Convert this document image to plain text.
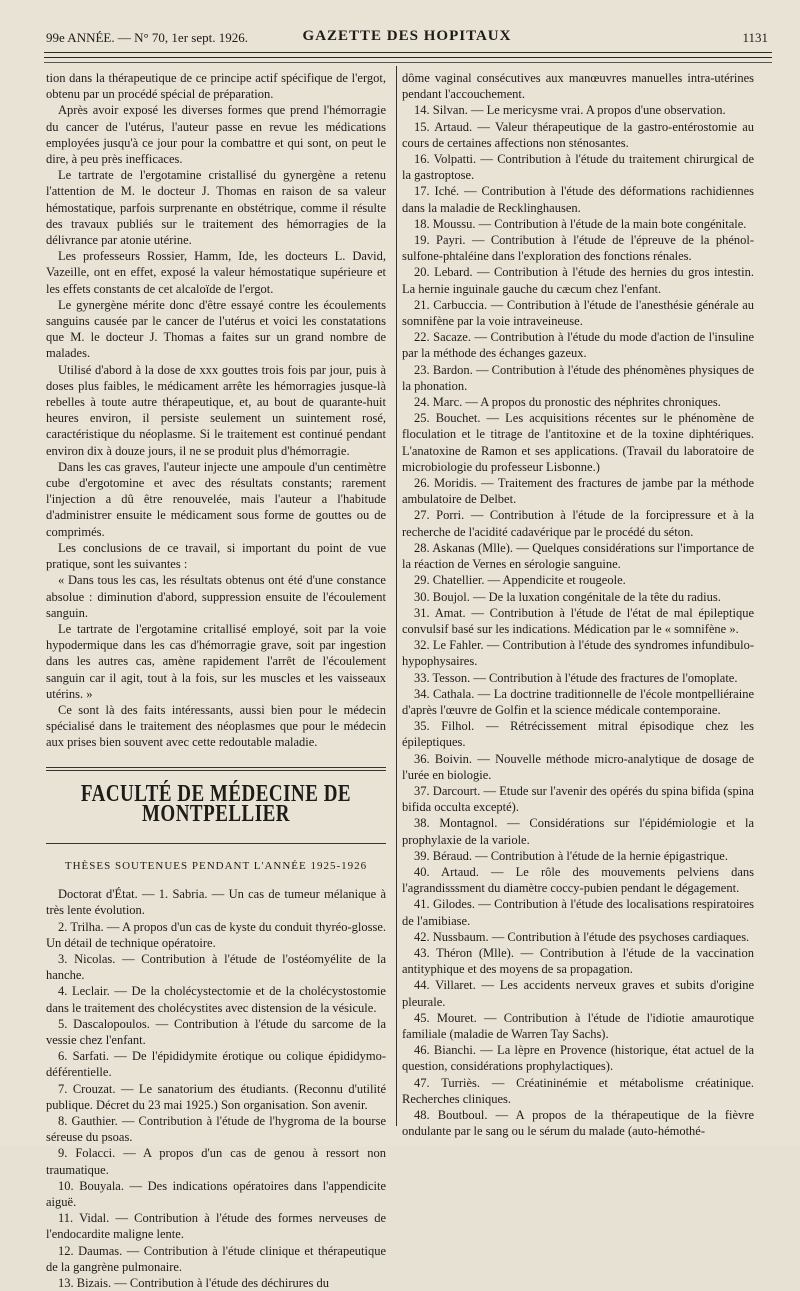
99e ANNÉE. — N° 70, 1er sept. 1926.	GAZETTE DES HOPITAUX	1131

tion dans la thérapeutique de ce principe actif spécifique de l'ergot, obtenu par un procédé spécial de préparation.

Après avoir exposé les diverses formes que prend l'hémorragie du cancer de l'utérus, l'auteur passe en revue les médications employées jusqu'à ce jour pour la combattre et qui sont, on peut le dire, à peu près inefficaces.

Le tartrate de l'ergotamine cristallisé du gynergène a retenu l'attention de M. le docteur J. Thomas en raison de sa valeur hémostatique, parfois surprenante en obstétrique, comme il résulte des travaux publiés sur le traitement des hémorragies de la délivrance par atonie utérine.

Les professeurs Rossier, Hamm, Ide, les docteurs L. David, Vazeille, ont en effet, exposé la valeur hémostatique supérieure et les effets constants de cet alcaloïde de l'ergot.

Le gynergène mérite donc d'être essayé contre les écoulements sanguins causée par le cancer de l'utérus et voici les constatations que M. le docteur J. Thomas a faites sur un grand nombre de malades.

Utilisé d'abord à la dose de xxx gouttes trois fois par jour, puis à doses plus faibles, le médicament arrête les hémorragies jusque-là rebelles à toute autre thérapeutique, et, au bout de quarante-huit heures environ, il persiste seulement un suintement rosé, caractéristique du néoplasme. Si le traitement est continué pendant environ dix à douze jours, il ne se produit plus d'hémorragie.

Dans les cas graves, l'auteur injecte une ampoule d'un centimètre cube d'ergotomine et avec des résultats constants; rarement l'injection a dû être renouvelée, mais l'auteur a l'habitude d'administrer ensuite le médicament sous forme de gouttes ou de comprimés.

Les conclusions de ce travail, si important du point de vue pratique, sont les suivantes :

« Dans tous les cas, les résultats obtenus ont été d'une constance absolue : diminution d'abord, suppression ensuite de l'écoulement sanguin.

Le tartrate de l'ergotamine critallisé employé, soit par la voie hypodermique dans les cas d'hémorragie grave, soit par ingestion dans les autres cas, amène rapidement l'arrêt de l'écoulement sanguin car il agit, tout à la fois, sur les muscles et les vaisseaux utérins. »

Ce sont là des faits intéressants, aussi bien pour le médecin spécialisé dans le traitement des néoplasmes que pour le médecin aux prises bien souvent avec cette redoutable maladie.

FACULTÉ DE MÉDECINE DE MONTPELLIER
THÈSES SOUTENUES PENDANT L'ANNÉE 1925-1926

Doctorat d'État. — 1. Sabria. — Un cas de tumeur mélanique à très lente évolution.

2. Trilha. — A propos d'un cas de kyste du conduit thyréo-glosse. Un détail de technique opératoire.

3. Nicolas. — Contribution à l'étude de l'ostéomyélite de la hanche.

4. Leclair. — De la cholécystectomie et de la cholécystostomie dans le traitement des cholécystites avec distension de la vésicule.

5. Dascalopoulos. — Contribution à l'étude du sarcome de la vessie chez l'enfant.

6. Sarfati. — De l'épididymite érotique ou colique épididymo-déférentielle.

7. Crouzat. — Le sanatorium des étudiants. (Reconnu d'utilité publique. Décret du 23 mai 1925.) Son organisation. Son avenir.

8. Gauthier. — Contribution à l'étude de l'hygroma de la bourse séreuse du psoas.

9. Folacci. — A propos d'un cas de genou à ressort non traumatique.

10. Bouyala. — Des indications opératoires dans l'appendicite aiguë.

11. Vidal. — Contribution à l'étude des formes nerveuses de l'endocardite maligne lente.

12. Daumas. — Contribution à l'étude clinique et thérapeutique de la gangrène pulmonaire.

13. Bizais. — Contribution à l'étude des déchirures du

dôme vaginal consécutives aux manœuvres manuelles intra-utérines pendant l'accouchement.

14. Silvan. — Le mericysme vrai. A propos d'une observation.

15. Artaud. — Valeur thérapeutique de la gastro-entérostomie au cours de certaines affections non sténosantes.

16. Volpatti. — Contribution à l'étude du traitement chirurgical de la gastroptose.

17. Iché. — Contribution à l'étude des déformations rachidiennes dans la maladie de Recklinghausen.

18. Moussu. — Contribution à l'étude de la main bote congénitale.

19. Payri. — Contribution à l'étude de l'épreuve de la phénol-sulfone-phtaléine dans l'exploration des fonctions rénales.

20. Lebard. — Contribution à l'étude des hernies du gros intestin. La hernie inguinale gauche du cæcum chez l'enfant.

21. Carbuccia. — Contribution à l'étude de l'anesthésie générale au somnifène par la voie intraveineuse.

22. Sacaze. — Contribution à l'étude du mode d'action de l'insuline par la méthode des échanges gazeux.

23. Bardon. — Contribution à l'étude des phénomènes physiques de la phonation.

24. Marc. — A propos du pronostic des néphrites chroniques.

25. Bouchet. — Les acquisitions récentes sur le phénomène de floculation et le titrage de l'antitoxine et de la toxine diphtériques. L'anatoxine de Ramon et ses applications. (Travail du laboratoire de microbiologie du professeur Lisbonne.)

26. Moridis. — Traitement des fractures de jambe par la méthode ambulatoire de Delbet.

27. Porri. — Contribution à l'étude de la forcipressure et à la recherche de l'acidité cadavérique par le procédé du séton.

28. Askanas (Mlle). — Quelques considérations sur l'importance de la réaction de Vernes en sérologie sanguine.

29. Chatellier. — Appendicite et rougeole.

30. Boujol. — De la luxation congénitale de la tête du radius.

31. Amat. — Contribution à l'étude de l'état de mal épileptique convulsif basé sur les indications. Médication par le « somnifène ».

32. Le Fahler. — Contribution à l'étude des syndromes infundibulo-hypophysaires.

33. Tesson. — Contribution à l'étude des fractures de l'omoplate.

34. Cathala. — La doctrine traditionnelle de l'école montpelliéraine d'après l'œuvre de Golfin et la science médicale contemporaine.

35. Filhol. — Rétrécissement mitral épisodique chez les épileptiques.

36. Boivin. — Nouvelle méthode micro-analytique de dosage de l'urée en biologie.

37. Darcourt. — Etude sur l'avenir des opérés du spina bifida (spina bifida occulta excepté).

38. Montagnol. — Considérations sur l'épidémiologie et la prophylaxie de la variole.

39. Béraud. — Contribution à l'étude de la hernie épigastrique.

40. Artaud. — Le rôle des mouvements pelviens dans l'agrandisssment du diamètre coccy-pubien pendant le dégagement.

41. Gilodes. — Contribution à l'étude des localisations respiratoires de l'amibiase.

42. Nussbaum. — Contribution à l'étude des psychoses cardiaques.

43. Théron (Mlle). — Contribution à l'étude de la vaccination antityphique et des moyens de sa propagation.

44. Villaret. — Les accidents nerveux graves et subits d'origine pleurale.

45. Mouret. — Contribution à l'étude de l'idiotie amaurotique familiale (maladie de Warren Tay Sachs).

46. Bianchi. — La lèpre en Provence (historique, état actuel de la question, considérations prophylactiques).

47. Turriès. — Créatininémie et métabolisme créatinique. Recherches cliniques.

48. Boutboul. — A propos de la thérapeutique de la fièvre ondulante par le sang ou le sérum du malade (auto-hémothé-
